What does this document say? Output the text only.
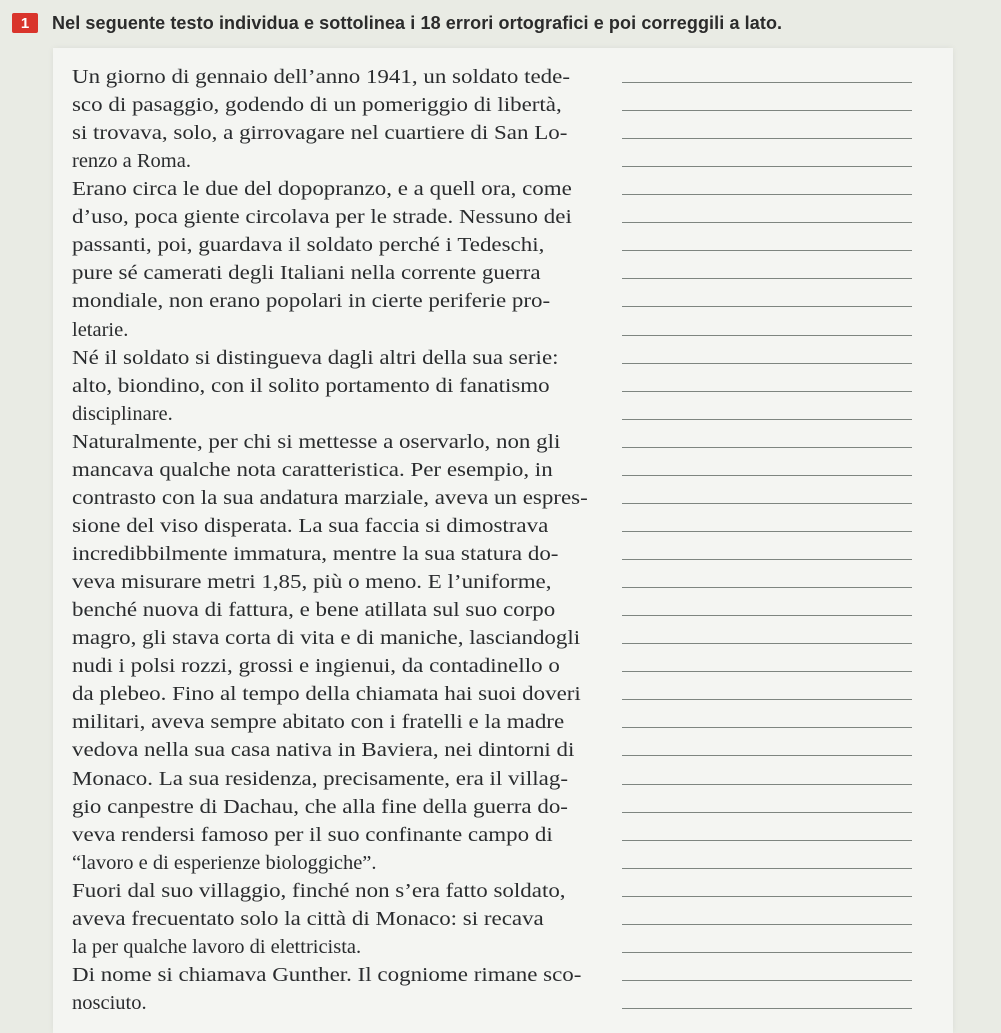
1	Nel seguente testo individua e sottolinea i 18 errori ortografici e poi correggili a lato.
Un giorno di gennaio dell’anno 1941, un soldato tede-
sco di pasaggio, godendo di un pomeriggio di libertà,
si trovava, solo, a girrovagare nel cuartiere di San Lo-
renzo a Roma.
Erano circa le due del dopopranzo, e a quell ora, come
d’uso, poca giente circolava per le strade. Nessuno dei
passanti, poi, guardava il soldato perché i Tedeschi,
pure sé camerati degli Italiani nella corrente guerra
mondiale, non erano popolari in cierte periferie pro-
letarie.
Né il soldato si distingueva dagli altri della sua serie:
alto, biondino, con il solito portamento di fanatismo
disciplinare.
Naturalmente, per chi si mettesse a oservarlo, non gli
mancava qualche nota caratteristica. Per esempio, in
contrasto con la sua andatura marziale, aveva un espres-
sione del viso disperata. La sua faccia si dimostrava
incredibbilmente immatura, mentre la sua statura do-
veva misurare metri 1,85, più o meno. E l’uniforme,
benché nuova di fattura, e bene atillata sul suo corpo
magro, gli stava corta di vita e di maniche, lasciandogli
nudi i polsi rozzi, grossi e ingienui, da contadinello o
da plebeo. Fino al tempo della chiamata hai suoi doveri
militari, aveva sempre abitato con i fratelli e la madre
vedova nella sua casa nativa in Baviera, nei dintorni di
Monaco. La sua residenza, precisamente, era il villag-
gio canpestre di Dachau, che alla fine della guerra do-
veva rendersi famoso per il suo confinante campo di
“lavoro e di esperienze biologgiche”.
Fuori dal suo villaggio, finché non s’era fatto soldato,
aveva frecuentato solo la città di Monaco: si recava
la per qualche lavoro di elettricista.
Di nome si chiamava Gunther. Il cogniome rimane sco-
nosciuto.
